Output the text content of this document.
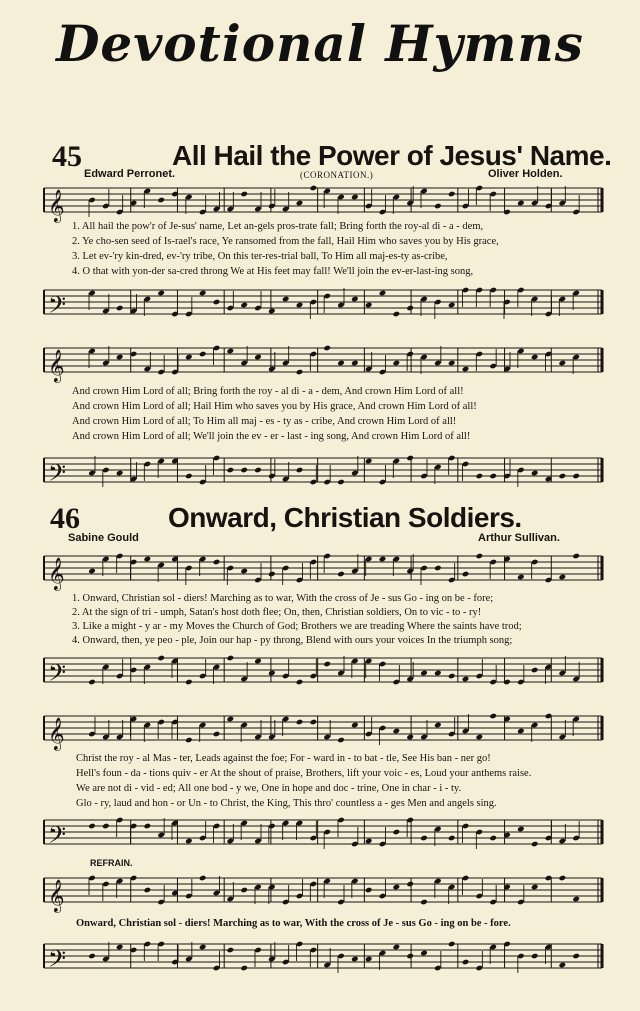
Devotional Hymns
45	All Hail the Power of Jesus' Name.
Edward Perronet.	(CORONATION.)	Oliver Holden.
𝄞
1. All hail the pow'r of Je-sus' name, Let an-gels pros-trate fall; Bring forth the roy-al di - a - dem,
2. Ye cho-sen seed of Is-rael's race, Ye ransomed from the fall, Hail Him who saves you by His grace,
3. Let ev-'ry kin-dred, ev-'ry tribe, On this ter-res-trial ball, To Him all maj-es-ty as-cribe,
4. O that with yon-der sa-cred throng We at His feet may fall! We'll join the ev-er-last-ing song,
𝄢
𝄞
And crown Him Lord of all; Bring forth the roy - al di - a - dem, And crown Him Lord of all!
And crown Him Lord of all; Hail Him who saves you by His grace, And crown Him Lord of all!
And crown Him Lord of all; To Him all maj - es - ty as - cribe, And crown Him Lord of all!
And crown Him Lord of all; We'll join the ev - er - last - ing song, And crown Him Lord of all!
𝄢
46	Onward, Christian Soldiers.
Sabine Gould	Arthur Sullivan.
𝄞
1. Onward, Christian sol - diers! Marching as to war, With the cross of Je - sus Go - ing on be - fore;
2. At the sign of tri - umph, Satan's host doth flee; On, then, Christian soldiers, On to vic - to - ry!
3. Like a might - y ar - my Moves the Church of God; Brothers we are treading Where the saints have trod;
4. Onward, then, ye peo - ple, Join our hap - py throng, Blend with ours your voices In the triumph song;
𝄢
𝄞
Christ the roy - al Mas - ter, Leads against the foe; For - ward in - to bat - tle, See His ban - ner go!
Hell's foun - da - tions quiv - er At the shout of praise, Brothers, lift your voic - es, Loud your anthems raise.
We are not di - vid - ed; All one bod - y we, One in hope and doc - trine, One in char - i - ty.
Glo - ry, laud and hon - or Un - to Christ, the King, This thro' countless a - ges Men and angels sing.
𝄢
REFRAIN.
𝄞
Onward, Christian sol - diers! Marching as to war, With the cross of Je - sus Go - ing on be - fore.
𝄢
